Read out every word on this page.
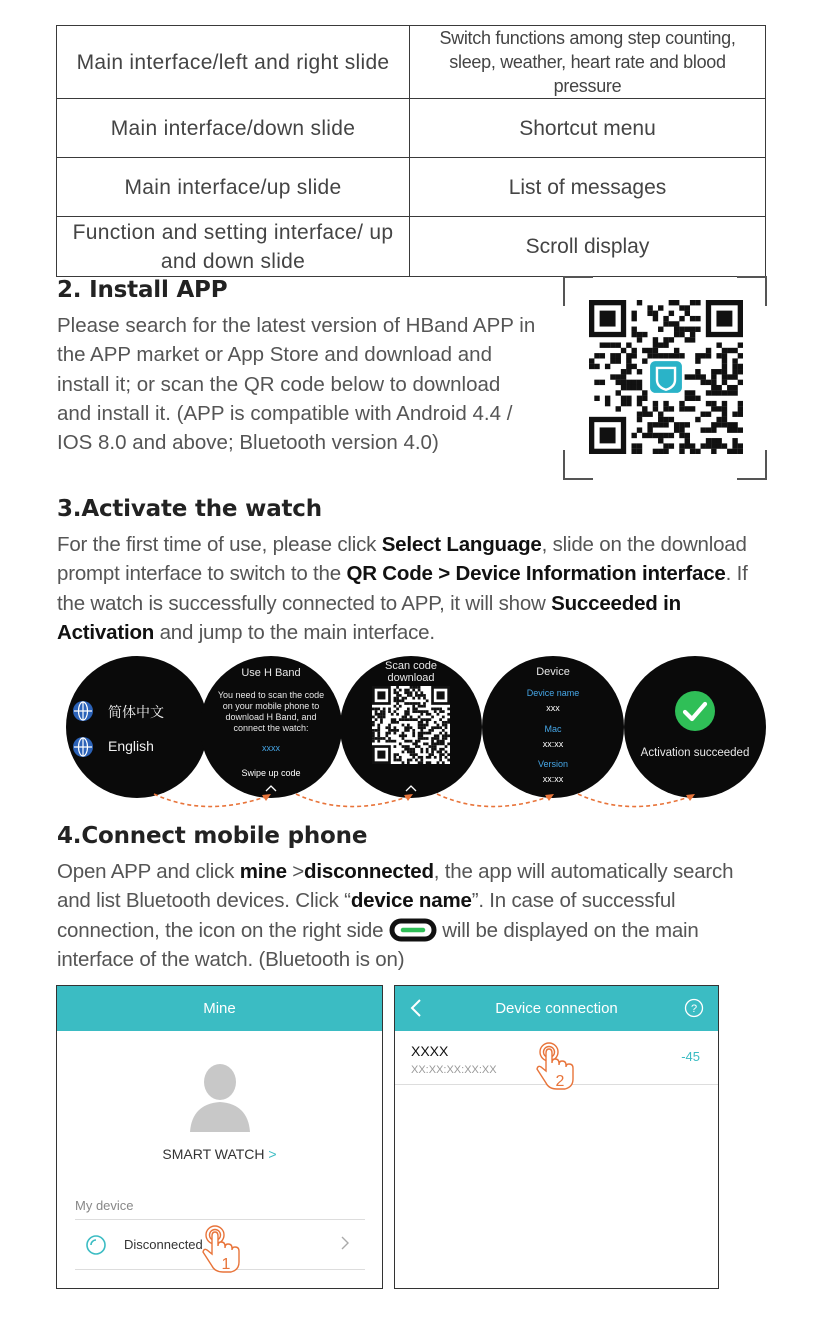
Main interface/left and right slide	Switch functions among step counting, sleep, weather, heart rate and blood pressure
Main interface/down slide	Shortcut menu
Main interface/up slide	List of messages
Function and setting interface/ up and down slide	Scroll display
2. Install APP

Please search for the latest version of HBand APP in the APP market or App Store and download and install it; or scan the QR code below to download and install it. (APP is compatible with Android 4.4 / IOS 8.0 and above; Bluetooth version 4.0)

3.Activate the watch

For the first time of use, please click Select Language, slide on the download prompt interface to switch to the QR Code > Device Information interface. If the watch is successfully connected to APP, it will show Succeeded in Activation and jump to the main interface.

简体中文
English
Use H Band
You need to scan the code on your mobile phone to download H Band, and connect the watch:
xxxx
Swipe up code
Scan code download	Device
Device name
xxx
Mac
xx:xx
Version
xx:xx
Activation succeeded
4.Connect mobile phone

Open APP and click mine >disconnected, the app will automatically search and list Bluetooth devices. Click “device name”. In case of successful connection, the icon on the right side  will be displayed on the main interface of the watch. (Bluetooth is on)

Mine
SMART WATCH >
My device
Disconnected
1
Device connection	?
XXXX
XX:XX:XX:XX:XX
-45
2
